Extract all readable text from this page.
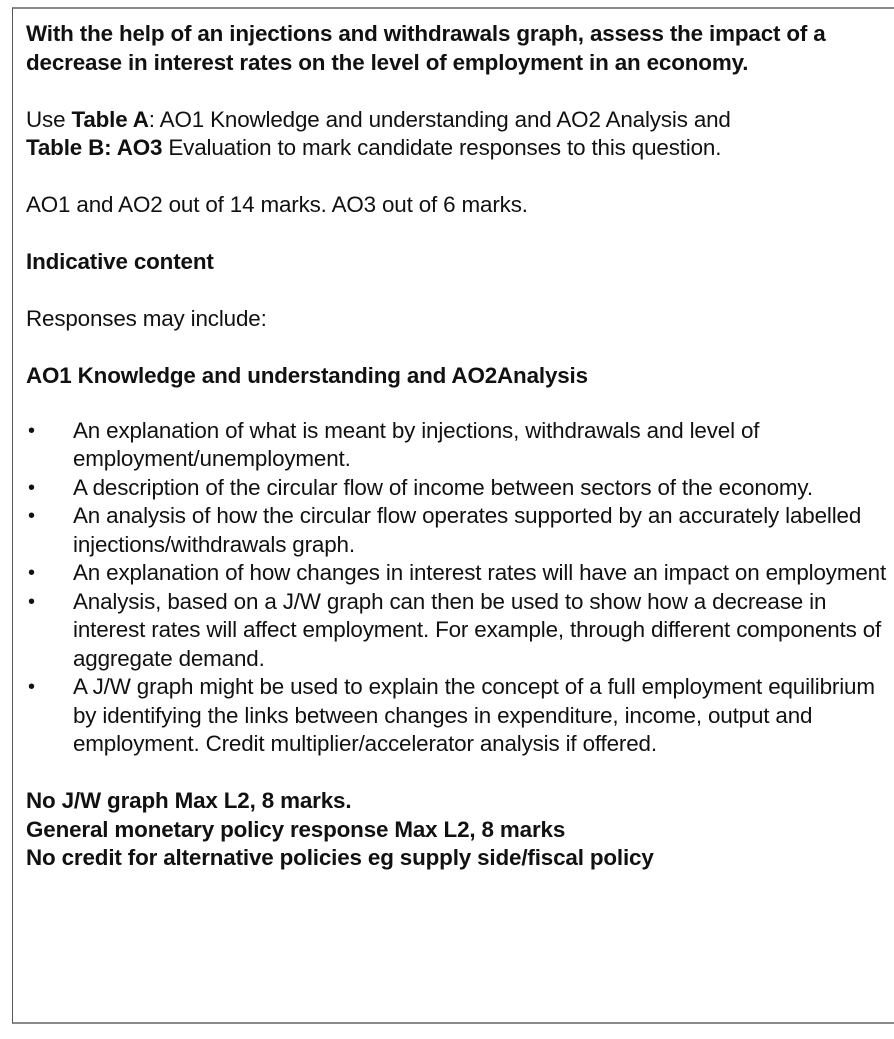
With the help of an injections and withdrawals graph, assess the impact of a decrease in interest rates on the level of employment in an economy.

Use Table A: AO1 Knowledge and understanding and AO2 Analysis and
Table B: AO3 Evaluation to mark candidate responses to this question.

AO1 and AO2 out of 14 marks. AO3 out of 6 marks.

Indicative content

Responses may include:

AO1 Knowledge and understanding and AO2Analysis

• An explanation of what is meant by injections, withdrawals and level of employment/unemployment.
• A description of the circular flow of income between sectors of the economy.
• An analysis of how the circular flow operates supported by an accurately labelled injections/withdrawals graph.
• An explanation of how changes in interest rates will have an impact on employment
• Analysis, based on a J/W graph can then be used to show how a decrease in interest rates will affect employment. For example, through different components of aggregate demand.
• A J/W graph might be used to explain the concept of a full employment equilibrium by identifying the links between changes in expenditure, income, output and employment. Credit multiplier/accelerator analysis if offered.

No J/W graph Max L2, 8 marks.

General monetary policy response Max L2, 8 marks

No credit for alternative policies eg supply side/fiscal policy
